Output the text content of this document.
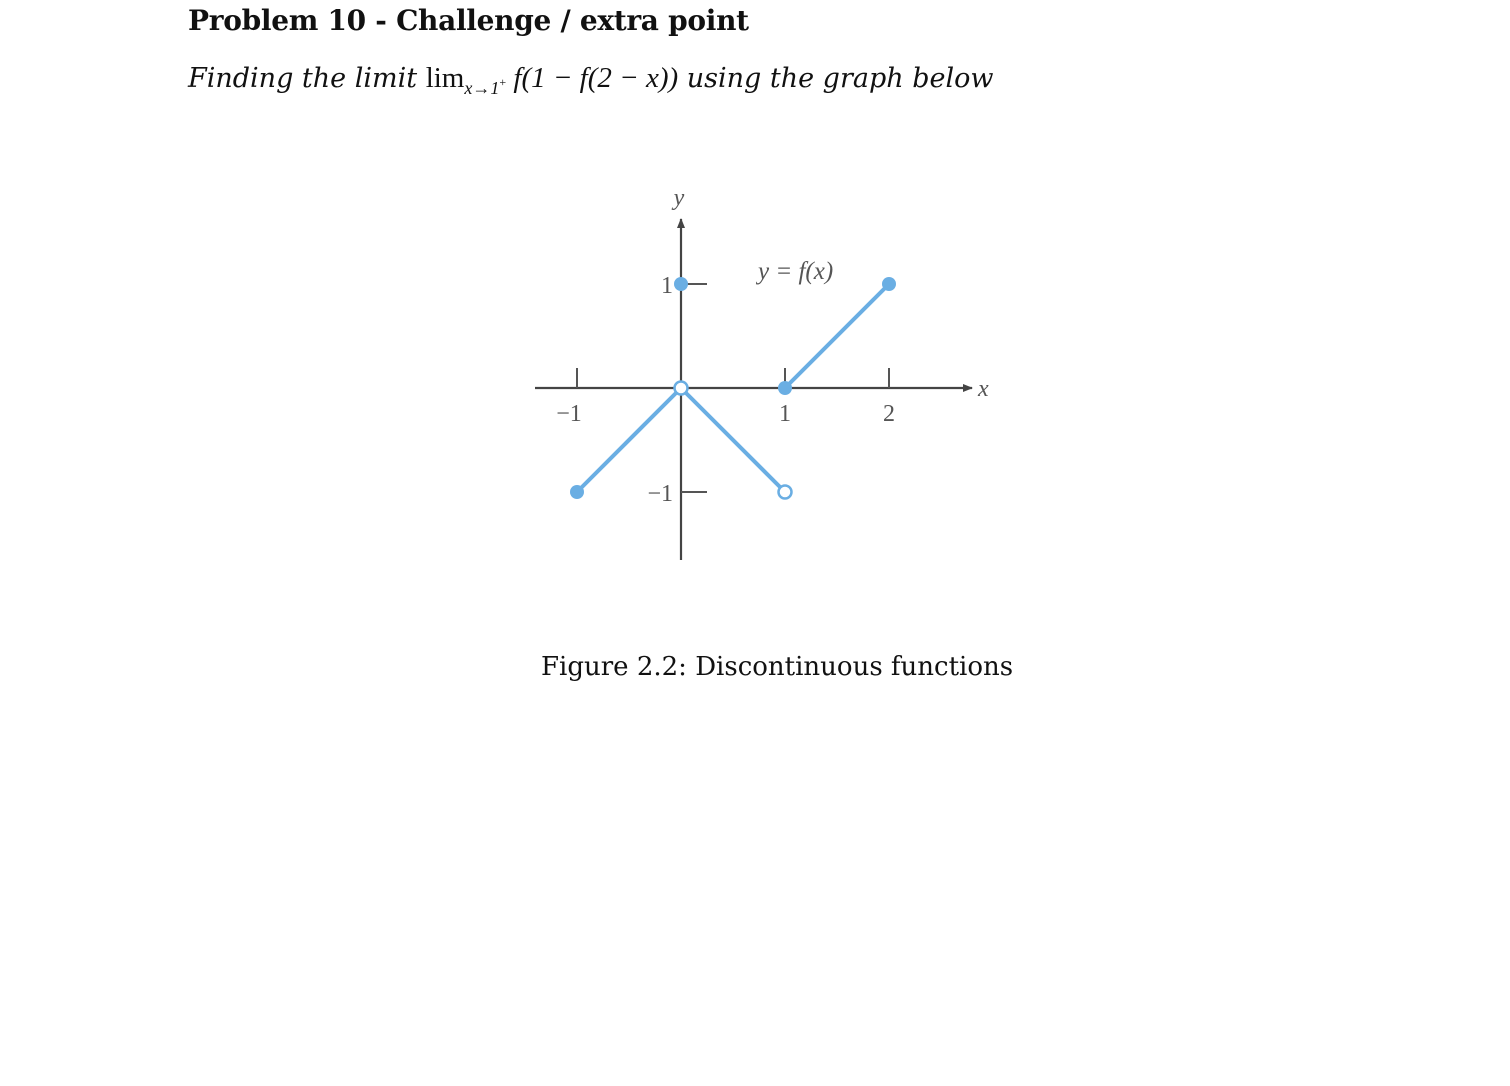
Problem 10 - Challenge / extra point
Finding the limit $\lim_{x\to 1^+} f(1 - f(2 - x))$ using the graph below
−1	1	2
1
−1
x
y
y = f(x)
Figure 2.2: Discontinuous functions
